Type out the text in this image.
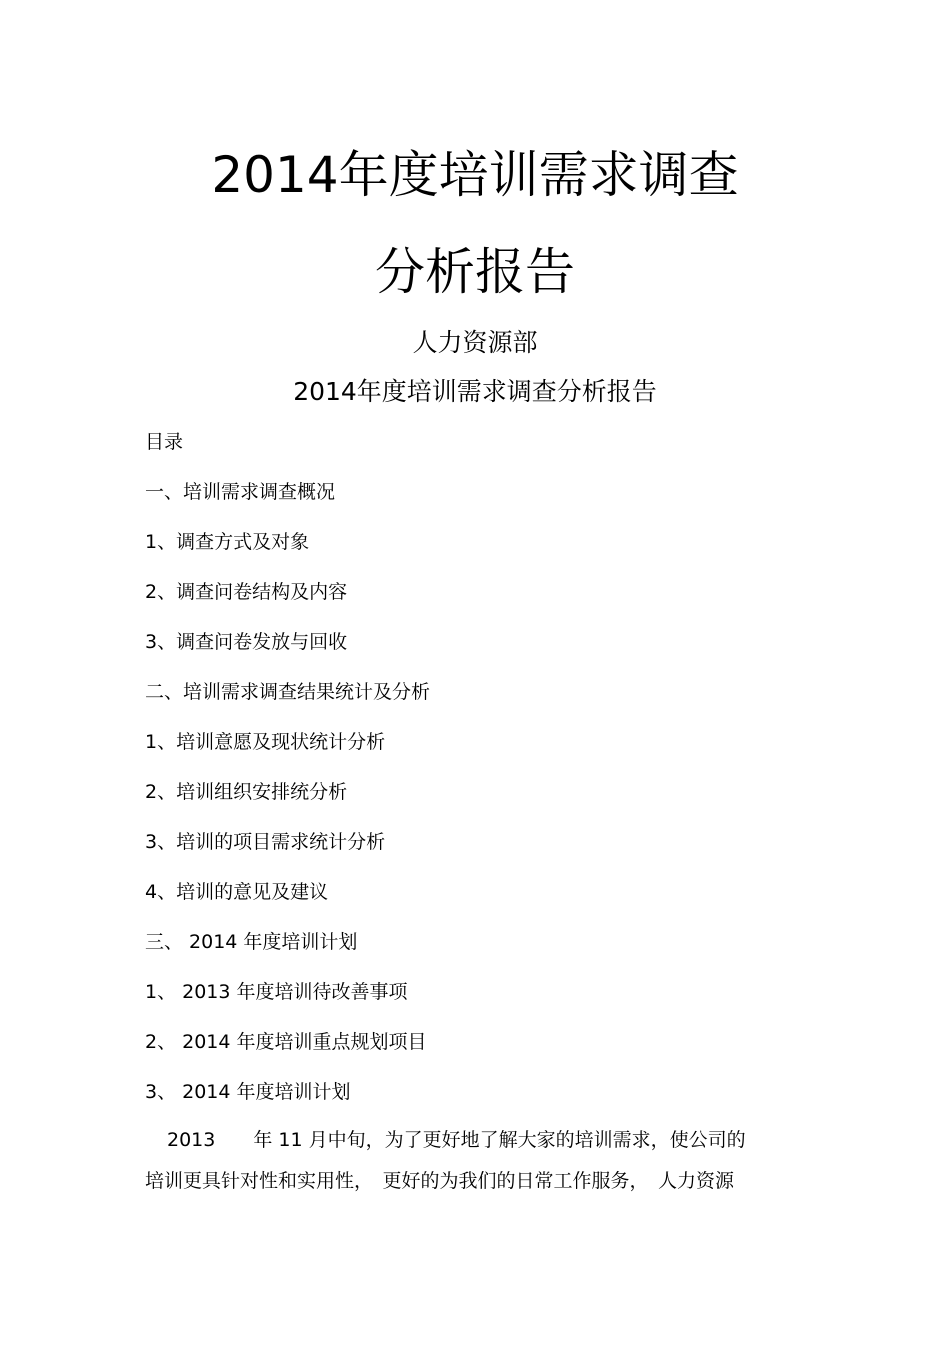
2014年度培训需求调查
分析报告
人力资源部
2014年度培训需求调查分析报告
目录
一、培训需求调查概况
1、调查方式及对象
2、调查问卷结构及内容
3、调查问卷发放与回收
二、培训需求调查结果统计及分析
1、培训意愿及现状统计分析
2、培训组织安排统分析
3、培训的项目需求统计分析
4、培训的意见及建议
三、 2014 年度培训计划
1、 2013 年度培训待改善事项
2、 2014 年度培训重点规划项目
3、 2014 年度培训计划
2013　　年 11 月中旬，为了更好地了解大家的培训需求，使公司的
培训更具针对性和实用性，　更好的为我们的日常工作服务，　人力资源
